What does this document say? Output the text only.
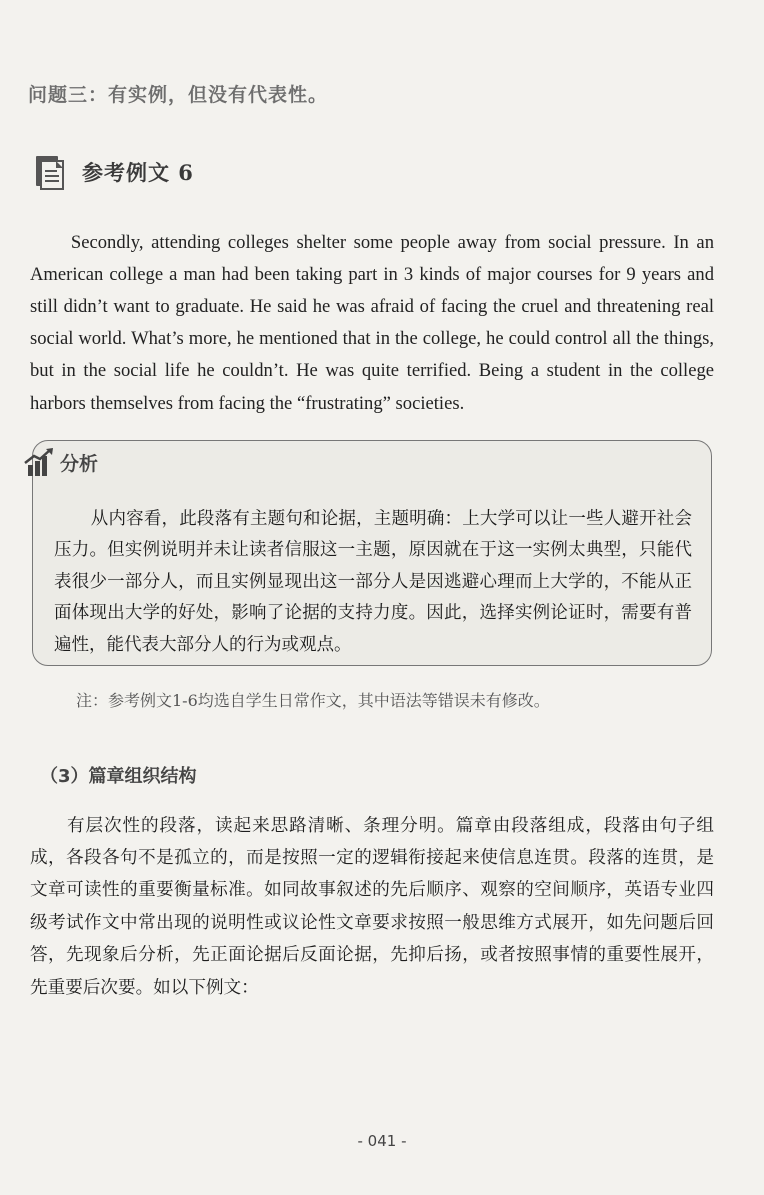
问题三：有实例，但没有代表性。
参考例文 6

Secondly, attending colleges shelter some people away from social pressure. In an American college a man had been taking part in 3 kinds of major courses for 9 years and still didn’t want to graduate. He said he was afraid of facing the cruel and threatening real social world. What’s more, he mentioned that in the college, he could control all the things, but in the social life he couldn’t. He was quite terrified. Being a student in the college harbors themselves from facing the “frustrating” societies.

分析

从内容看，此段落有主题句和论据，主题明确：上大学可以让一些人避开社会压力。但实例说明并未让读者信服这一主题，原因就在于这一实例太典型，只能代表很少一部分人，而且实例显现出这一部分人是因逃避心理而上大学的，不能从正面体现出大学的好处，影响了论据的支持力度。因此，选择实例论证时，需要有普遍性，能代表大部分人的行为或观点。

注：参考例文1-6均选自学生日常作文，其中语法等错误未有修改。
（3）篇章组织结构

有层次性的段落，读起来思路清晰、条理分明。篇章由段落组成，段落由句子组成，各段各句不是孤立的，而是按照一定的逻辑衔接起来使信息连贯。段落的连贯，是文章可读性的重要衡量标准。如同故事叙述的先后顺序、观察的空间顺序，英语专业四级考试作文中常出现的说明性或议论性文章要求按照一般思维方式展开，如先问题后回答，先现象后分析，先正面论据后反面论据，先抑后扬，或者按照事情的重要性展开，先重要后次要。如以下例文：

- 041 -
